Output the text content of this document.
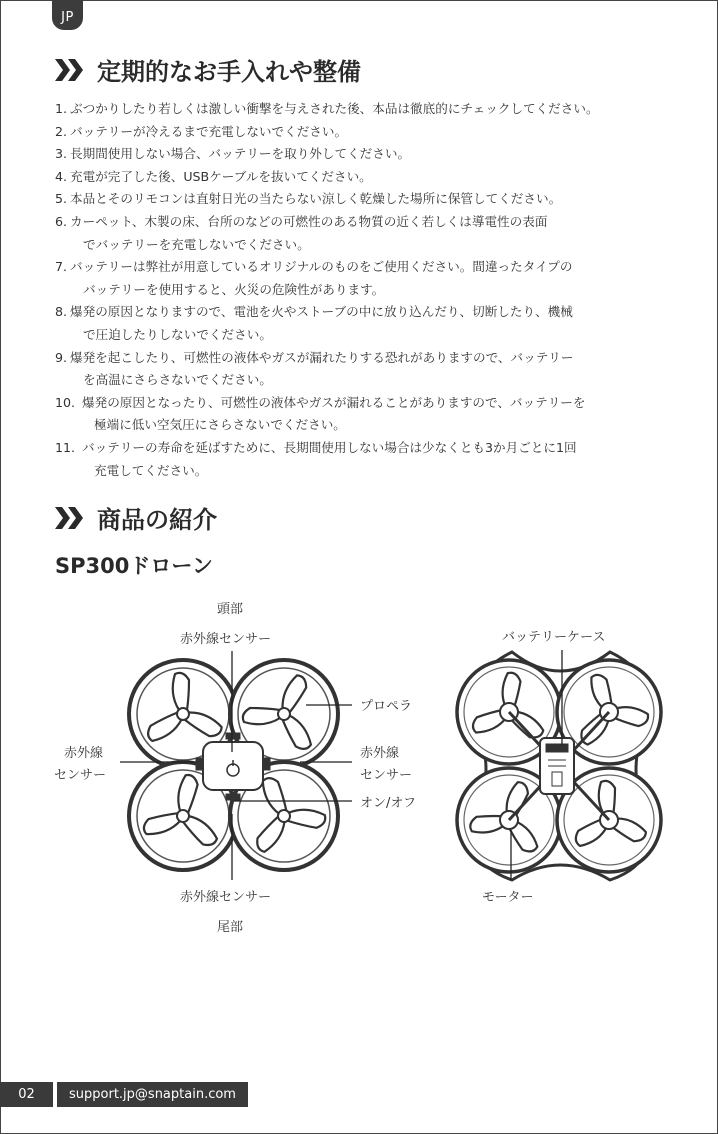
JP
定期的なお手入れや整備
1. ぶつかりしたり若しくは激しい衝撃を与えされた後、本品は徹底的にチェックしてください。
2. バッテリーが冷えるまで充電しないでください。
3. 長期間使用しない場合、バッテリーを取り外してください。
4. 充電が完了した後、USBケーブルを抜いてください。
5. 本品とそのリモコンは直射日光の当たらない涼しく乾燥した場所に保管してください。
6. カーペット、木製の床、台所のなどの可燃性のある物質の近く若しくは導電性の表面
でバッテリーを充電しないでください。
7. バッテリーは弊社が用意しているオリジナルのものをご使用ください。間違ったタイプの
バッテリーを使用すると、火災の危険性があります。
8. 爆発の原因となりますので、電池を火やストーブの中に放り込んだり、切断したり、機械
で圧迫したりしないでください。
9. 爆発を起こしたり、可燃性の液体やガスが漏れたりする恐れがありますので、バッテリー
を高温にさらさないでください。
10. 爆発の原因となったり、可燃性の液体やガスが漏れることがありますので、バッテリーを
極端に低い空気圧にさらさないでください。
11. バッテリーの寿命を延ばすために、長期間使用しない場合は少なくとも3か月ごとに1回
充電してください。
商品の紹介
SP300ドローン
頭部
赤外線センサー
赤外線
センサー
プロペラ
赤外線
センサー
オン/オフ
赤外線センサー
尾部
バッテリーケース
モーター
02	support.jp@snaptain.com
